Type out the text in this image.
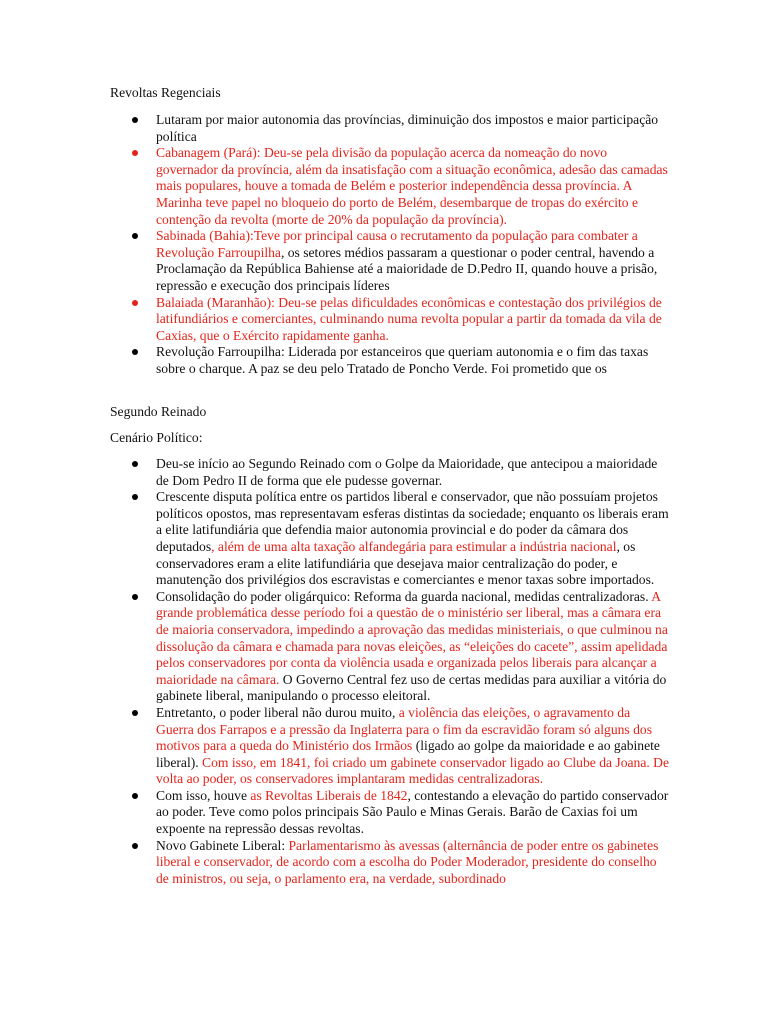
Revoltas Regenciais
Lutaram por maior autonomia das províncias, diminuição dos impostos e maior participação política
Cabanagem (Pará): Deu-se pela divisão da população acerca da nomeação do novo governador da província, além da insatisfação com a situação econômica, adesão das camadas mais populares, houve a tomada de Belém e posterior independência dessa província. A Marinha teve papel no bloqueio do porto de Belém, desembarque de tropas do exército e contenção da revolta (morte de 20% da população da província).
Sabinada (Bahia):Teve por principal causa o recrutamento da população para combater a Revolução Farroupilha, os setores médios passaram a questionar o poder central, havendo a Proclamação da República Bahiense até a maioridade de D.Pedro II, quando houve a prisão, repressão e execução dos principais líderes
Balaiada (Maranhão): Deu-se pelas dificuldades econômicas e contestação dos privilégios de latifundiários e comerciantes, culminando numa revolta popular a partir da tomada da vila de Caxias, que o Exército rapidamente ganha.
Revolução Farroupilha: Liderada por estanceiros que queriam autonomia e o fim das taxas sobre o charque. A paz se deu pelo Tratado de Poncho Verde. Foi prometido que os
Segundo Reinado
Cenário Político:
Deu-se início ao Segundo Reinado com o Golpe da Maioridade, que antecipou a maioridade de Dom Pedro II de forma que ele pudesse governar.
Crescente disputa política entre os partidos liberal e conservador, que não possuíam projetos políticos opostos, mas representavam esferas distintas da sociedade; enquanto os liberais eram a elite latifundiária que defendia maior autonomia provincial e do poder da câmara dos deputados, além de uma alta taxação alfandegária para estimular a indústria nacional, os conservadores eram a elite latifundiária que desejava maior centralização do poder, e manutenção dos privilégios dos escravistas e comerciantes e menor taxas sobre importados.
Consolidação do poder oligárquico: Reforma da guarda nacional, medidas centralizadoras. A grande problemática desse período foi a questão de o ministério ser liberal, mas a câmara era de maioria conservadora, impedindo a aprovação das medidas ministeriais, o que culminou na dissolução da câmara e chamada para novas eleições, as “eleições do cacete”, assim apelidada pelos conservadores por conta da violência usada e organizada pelos liberais para alcançar a maioridade na câmara. O Governo Central fez uso de certas medidas para auxiliar a vitória do gabinete liberal, manipulando o processo eleitoral.
Entretanto, o poder liberal não durou muito, a violência das eleições, o agravamento da Guerra dos Farrapos e a pressão da Inglaterra para o fim da escravidão foram só alguns dos motivos para a queda do Ministério dos Irmãos (ligado ao golpe da maioridade e ao gabinete liberal). Com isso, em 1841, foi criado um gabinete conservador ligado ao Clube da Joana. De volta ao poder, os conservadores implantaram medidas centralizadoras.
Com isso, houve as Revoltas Liberais de 1842, contestando a elevação do partido conservador ao poder. Teve como polos principais São Paulo e Minas Gerais. Barão de Caxias foi um expoente na repressão dessas revoltas.
Novo Gabinete Liberal: Parlamentarismo às avessas (alternância de poder entre os gabinetes liberal e conservador, de acordo com a escolha do Poder Moderador, presidente do conselho de ministros, ou seja, o parlamento era, na verdade, subordinado
